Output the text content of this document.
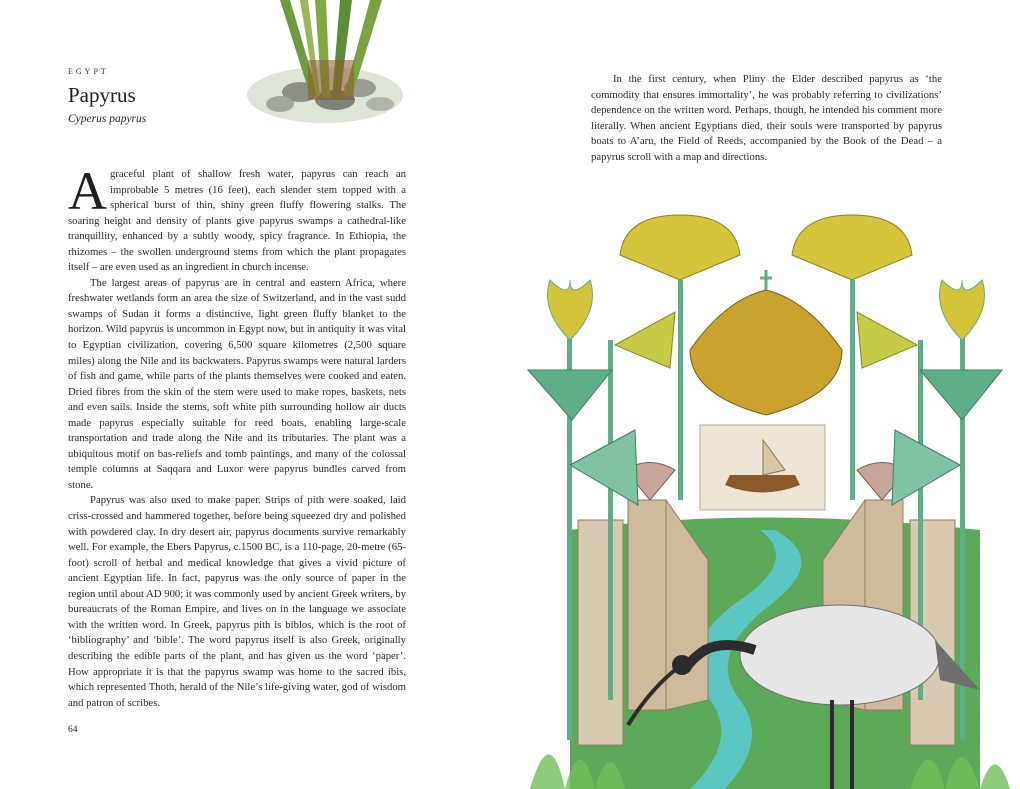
EGYPT
Papyrus
Cyperus papyrus

Agraceful plant of shallow fresh water, papyrus can reach an improbable 5 metres (16 feet), each slender stem topped with a spherical burst of thin, shiny green fluffy flowering stalks. The soaring height and density of plants give papyrus swamps a cathedral-like tranquillity, enhanced by a subtly woody, spicy fragrance. In Ethiopia, the rhizomes – the swollen underground stems from which the plant propagates itself – are even used as an ingredient in church incense.

The largest areas of papyrus are in central and eastern Africa, where freshwater wetlands form an area the size of Switzerland, and in the vast sudd swamps of Sudan it forms a distinctive, light green fluffy blanket to the horizon. Wild papyrus is uncommon in Egypt now, but in antiquity it was vital to Egyptian civilization, covering 6,500 square kilometres (2,500 square miles) along the Nile and its backwaters. Papyrus swamps were natural larders of fish and game, while parts of the plants themselves were cooked and eaten. Dried fibres from the skin of the stem were used to make ropes, baskets, nets and even sails. Inside the stems, soft white pith surrounding hollow air ducts made papyrus especially suitable for reed boats, enabling large-scale transportation and trade along the Nile and its tributaries. The plant was a ubiquitous motif on bas-reliefs and tomb paintings, and many of the colossal temple columns at Saqqara and Luxor were papyrus bundles carved from stone.

Papyrus was also used to make paper. Strips of pith were soaked, laid criss-crossed and hammered together, before being squeezed dry and polished with powdered clay. In dry desert air, papyrus documents survive remarkably well. For example, the Ebers Papyrus, c.1500 BC, is a 110-page, 20-metre (65-foot) scroll of herbal and medical knowledge that gives a vivid picture of ancient Egyptian life. In fact, papyrus was the only source of paper in the region until about AD 900; it was commonly used by ancient Greek writers, by bureaucrats of the Roman Empire, and lives on in the language we associate with the written word. In Greek, papyrus pith is biblos, which is the root of ‘bibliography’ and ‘bible’. The word papyrus itself is also Greek, originally describing the edible parts of the plant, and has given us the word ‘paper’. How appropriate it is that the papyrus swamp was home to the sacred ibis, which represented Thoth, herald of the Nile’s life-giving water, god of wisdom and patron of scribes.

64

In the first century, when Pliny the Elder described papyrus as ‘the commodity that ensures immortality’, he was probably referring to civilizations’ dependence on the written word. Perhaps, though, he intended his comment more literally. When ancient Egyptians died, their souls were transported by papyrus boats to A’aru, the Field of Reeds, accompanied by the Book of the Dead – a papyrus scroll with a map and directions.
